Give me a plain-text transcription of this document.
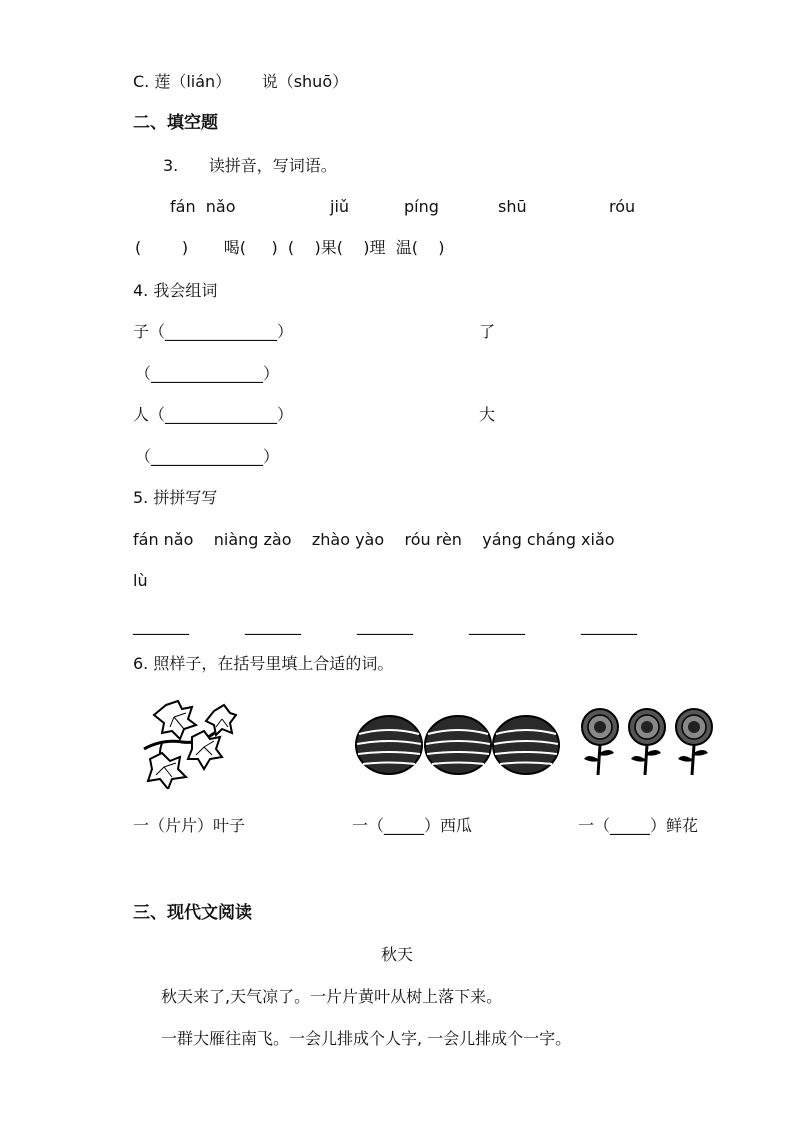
C. 莲（lián）      说（shuō）
二、填空题
3.      读拼音，写词语。
fán  nǎo	jiǔ	píng	shū	róu
(        )       喝(     )  (    )果(    )理  温(    )
4. 我会组词
子（______________）	了
（______________）
人（______________）	大
（______________）
5. 拼拼写写
fán nǎo    niàng zào    zhào yào    róu rèn    yáng cháng xiǎo
lù
_______	_______	_______	_______	_______
6. 照样子，在括号里填上合适的词。
一（片片）叶子	一（_____）西瓜	一（_____）鲜花
三、现代文阅读
秋天
秋天来了,天气凉了。一片片黄叶从树上落下来。
一群大雁往南飞。一会儿排成个人字, 一会儿排成个一字。
